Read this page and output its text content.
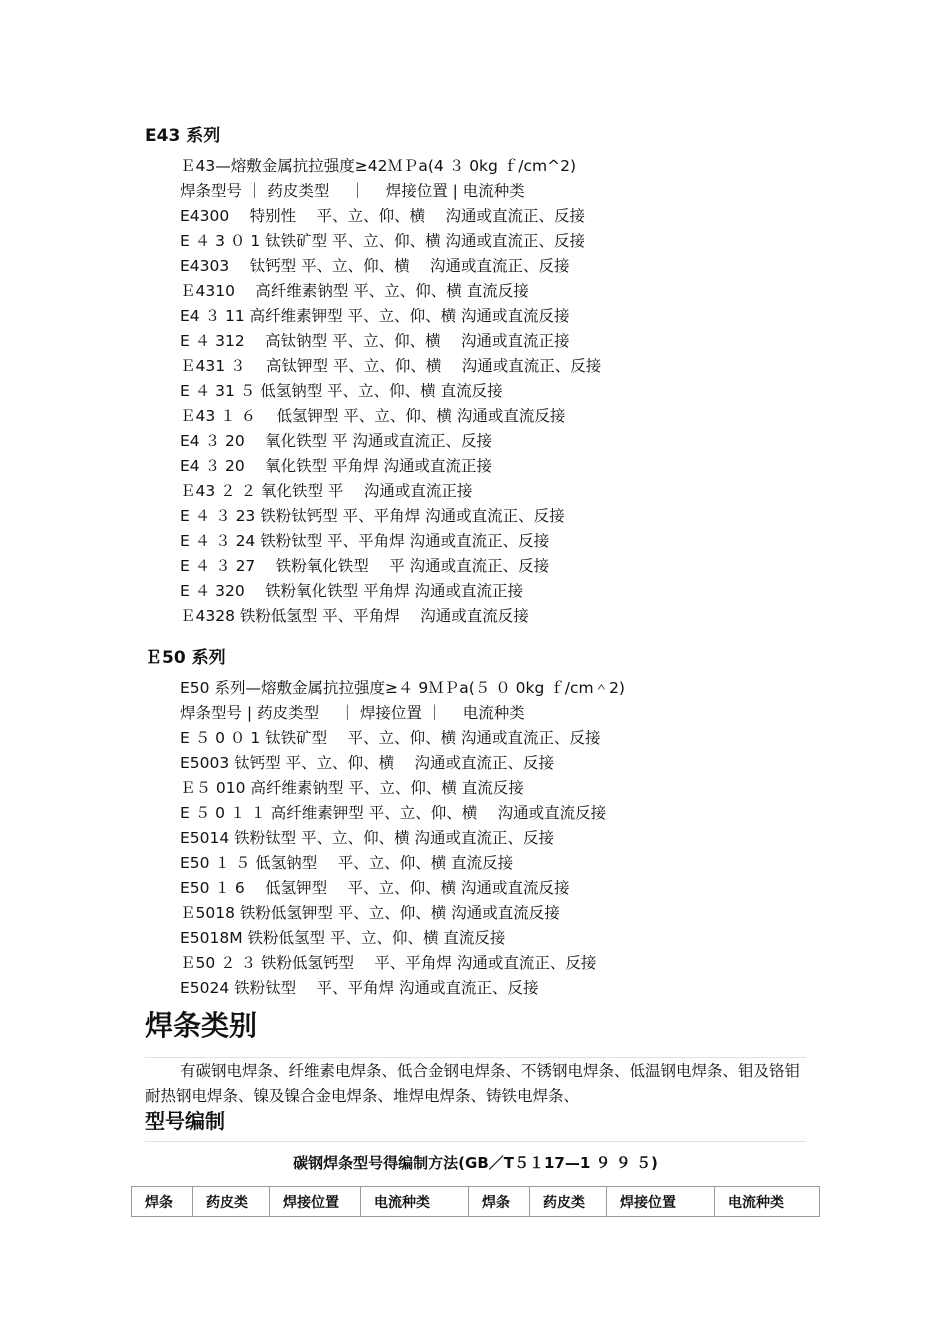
E43 系列
Ｅ43—熔敷金属抗拉强度≥42ＭＰa(4 ３ 0kg ｆ/cm^2)
焊条型号 ｜ 药皮类型 　｜ 　焊接位置 | 电流种类
E4300 　特别性 　平、立、仰、横 　沟通或直流正、反接
E ４ 3 ０ 1 钛铁矿型 平、立、仰、横 沟通或直流正、反接
E4303 　钛钙型 平、立、仰、横 　沟通或直流正、反接
Ｅ4310 　高纤维素钠型 平、立、仰、横 直流反接
E4 ３ 11 高纤维素钾型 平、立、仰、横 沟通或直流反接
E ４ 312 　高钛钠型 平、立、仰、横 　沟通或直流正接
Ｅ431 ３ 　高钛钾型 平、立、仰、横 　沟通或直流正、反接
E ４ 31 ５ 低氢钠型 平、立、仰、横 直流反接
Ｅ43 １ ６ 　低氢钾型 平、立、仰、横 沟通或直流反接
E4 ３ 20 　氧化铁型 平 沟通或直流正、反接
E4 ３ 20 　氧化铁型 平角焊 沟通或直流正接
Ｅ43 ２ ２ 氧化铁型 平 　沟通或直流正接
E ４ ３ 23 铁粉钛钙型 平、平角焊 沟通或直流正、反接
E ４ ３ 24 铁粉钛型 平、平角焊 沟通或直流正、反接
E ４ ３ 27 　铁粉氧化铁型 　平 沟通或直流正、反接
E ４ 320 　铁粉氧化铁型 平角焊 沟通或直流正接
Ｅ4328 铁粉低氢型 平、平角焊 　沟通或直流反接
Ｅ50 系列
E50 系列—熔敷金属抗拉强度≥４ 9ＭＰa(５ ０ 0kg ｆ/cm＾2)
焊条型号 | 药皮类型 　｜ 焊接位置 ｜ 　电流种类
E ５ 0 ０ 1 钛铁矿型 　平、立、仰、横 沟通或直流正、反接
E5003 钛钙型 平、立、仰、横 　沟通或直流正、反接
Ｅ５ 010 高纤维素钠型 平、立、仰、横 直流反接
E ５ 0 １ １ 高纤维素钾型 平、立、仰、横 　沟通或直流反接
E5014 铁粉钛型 平、立、仰、横 沟通或直流正、反接
E50 １ ５ 低氢钠型 　平、立、仰、横 直流反接
E50 １ 6 　低氢钾型 　平、立、仰、横 沟通或直流反接
Ｅ5018 铁粉低氢钾型 平、立、仰、横 沟通或直流反接
E5018M 铁粉低氢型 平、立、仰、横 直流反接
Ｅ50 ２ ３ 铁粉低氢钙型 　平、平角焊 沟通或直流正、反接
E5024 铁粉钛型 　平、平角焊 沟通或直流正、反接
焊条类别

有碳钢电焊条、纤维素电焊条、低合金钢电焊条、不锈钢电焊条、低温钢电焊条、钼及铬钼耐热钢电焊条、镍及镍合金电焊条、堆焊电焊条、铸铁电焊条、

型号编制
碳钢焊条型号得编制方法(GB／T５１17—1 ９ ９ ５)
焊条	药皮类	焊接位置	电流种类	焊条	药皮类	焊接位置	电流种类
